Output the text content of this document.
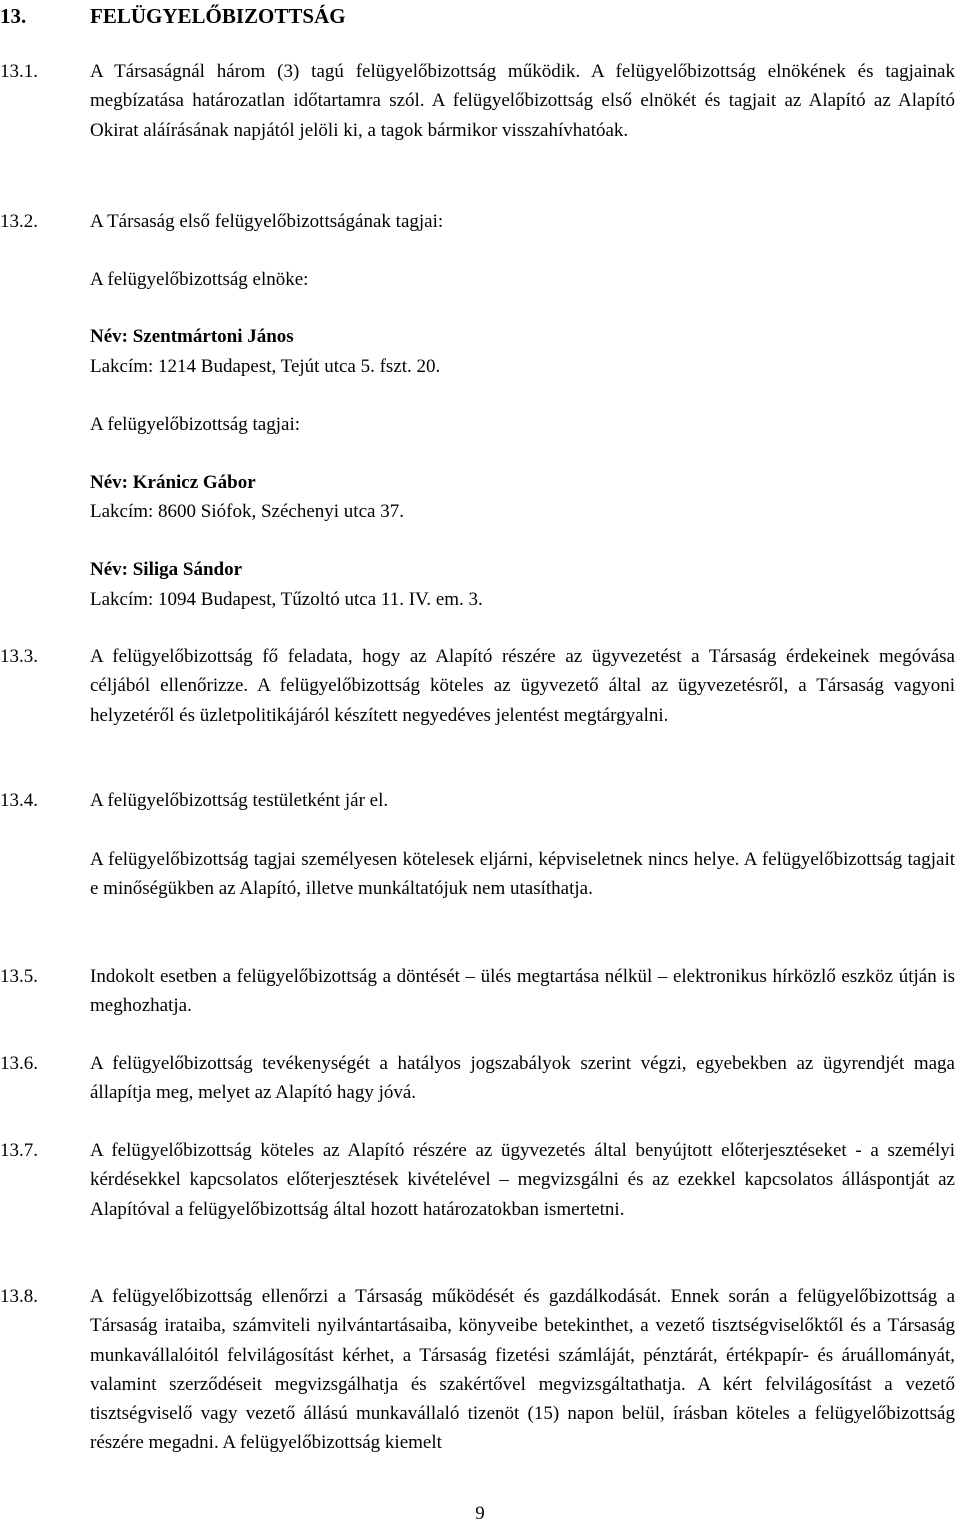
13.	FELÜGYELŐBIZOTTSÁG
13.1.	A Társaságnál három (3) tagú felügyelőbizottság működik. A felügyelőbizottság elnökének és tagjainak megbízatása határozatlan időtartamra szól. A felügyelőbizottság első elnökét és tagjait az Alapító az Alapító Okirat aláírásának napjától jelöli ki, a tagok bármikor visszahívhatóak.
13.2.	A Társaság első felügyelőbizottságának tagjai:
A felügyelőbizottság elnöke:
Név: Szentmártoni János
Lakcím: 1214 Budapest, Tejút utca 5. fszt. 20.
A felügyelőbizottság tagjai:
Név: Kránicz Gábor
Lakcím: 8600 Siófok, Széchenyi utca 37.
Név: Siliga Sándor
Lakcím: 1094 Budapest, Tűzoltó utca 11. IV. em. 3.
13.3.	A felügyelőbizottság fő feladata, hogy az Alapító részére az ügyvezetést a Társaság érdekeinek megóvása céljából ellenőrizze. A felügyelőbizottság köteles az ügyvezető által az ügyvezetésről, a Társaság vagyoni helyzetéről és üzletpolitikájáról készített negyedéves jelentést megtárgyalni.
13.4.	A felügyelőbizottság testületként jár el.
A felügyelőbizottság tagjai személyesen kötelesek eljárni, képviseletnek nincs helye. A felügyelőbizottság tagjait e minőségükben az Alapító, illetve munkáltatójuk nem utasíthatja.
13.5.	Indokolt esetben a felügyelőbizottság a döntését – ülés megtartása nélkül – elektronikus hírközlő eszköz útján is meghozhatja.
13.6.	A felügyelőbizottság tevékenységét a hatályos jogszabályok szerint végzi, egyebekben az ügyrendjét maga állapítja meg, melyet az Alapító hagy jóvá.
13.7.	A felügyelőbizottság köteles az Alapító részére az ügyvezetés által benyújtott előterjesztéseket - a személyi kérdésekkel kapcsolatos előterjesztések kivételével – megvizsgálni és az ezekkel kapcsolatos álláspontját az Alapítóval a felügyelőbizottság által hozott határozatokban ismertetni.
13.8.	A felügyelőbizottság ellenőrzi a Társaság működését és gazdálkodását. Ennek során a felügyelőbizottság a Társaság irataiba, számviteli nyilvántartásaiba, könyveibe betekinthet, a vezető tisztségviselőktől és a Társaság munkavállalóitól felvilágosítást kérhet, a Társaság fizetési számláját, pénztárát, értékpapír- és áruállományát, valamint szerződéseit megvizsgálhatja és szakértővel megvizsgáltathatja. A kért felvilágosítást a vezető tisztségviselő vagy vezető állású munkavállaló tizenöt (15) napon belül, írásban köteles a felügyelőbizottság részére megadni. A felügyelőbizottság kiemelt
9
